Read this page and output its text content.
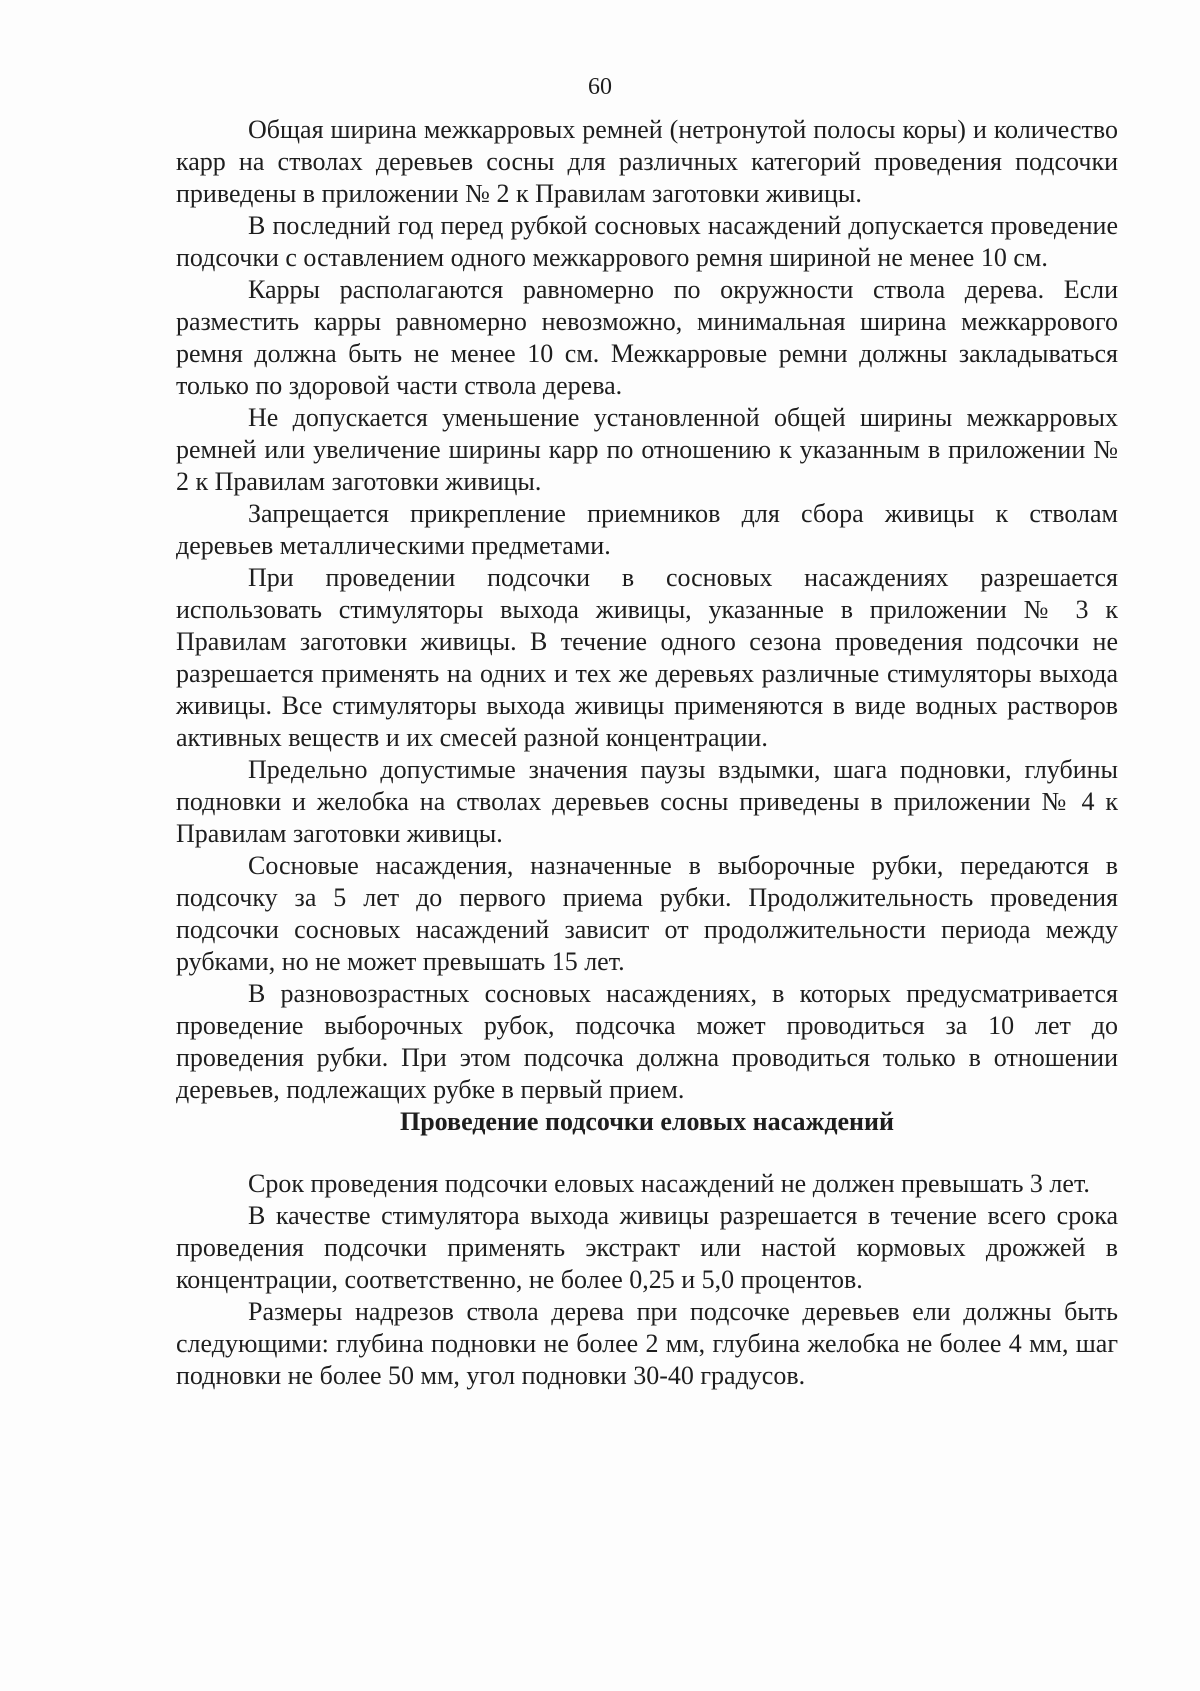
60

Общая ширина межкарровых ремней (нетронутой полосы коры) и количество карр на стволах деревьев сосны для различных категорий проведения подсочки приведены в приложении № 2 к Правилам заготовки живицы.

В последний год перед рубкой сосновых насаждений допускается проведение подсочки с оставлением одного межкаррового ремня шириной не менее 10 см.

Карры располагаются равномерно по окружности ствола дерева. Если разместить карры равномерно невозможно, минимальная ширина межкаррового ремня должна быть не менее 10 см. Межкарровые ремни должны закладываться только по здоровой части ствола дерева.

Не допускается уменьшение установленной общей ширины межкарровых ремней или увеличение ширины карр по отношению к указанным в приложении № 2 к Правилам заготовки живицы.

Запрещается прикрепление приемников для сбора живицы к стволам деревьев металлическими предметами.

При проведении подсочки в сосновых насаждениях разрешается использовать стимуляторы выхода живицы, указанные в приложении № 3 к Правилам заготовки живицы. В течение одного сезона проведения подсочки не разрешается применять на одних и тех же деревьях различные стимуляторы выхода живицы. Все стимуляторы выхода живицы применяются в виде водных растворов активных веществ и их смесей разной концентрации.

Предельно допустимые значения паузы вздымки, шага подновки, глубины подновки и желобка на стволах деревьев сосны приведены в приложении № 4 к Правилам заготовки живицы.

Сосновые насаждения, назначенные в выборочные рубки, передаются в подсочку за 5 лет до первого приема рубки. Продолжительность проведения подсочки сосновых насаждений зависит от продолжительности периода между рубками, но не может превышать 15 лет.

В разновозрастных сосновых насаждениях, в которых предусматривается проведение выборочных рубок, подсочка может проводиться за 10 лет до проведения рубки. При этом подсочка должна проводиться только в отношении деревьев, подлежащих рубке в первый прием.

Проведение подсочки еловых насаждений

Срок проведения подсочки еловых насаждений не должен превышать 3 лет.

В качестве стимулятора выхода живицы разрешается в течение всего срока проведения подсочки применять экстракт или настой кормовых дрожжей в концентрации, соответственно, не более 0,25 и 5,0 процентов.

Размеры надрезов ствола дерева при подсочке деревьев ели должны быть следующими: глубина подновки не более 2 мм, глубина желобка не более 4 мм, шаг подновки не более 50 мм, угол подновки 30-40 градусов.
